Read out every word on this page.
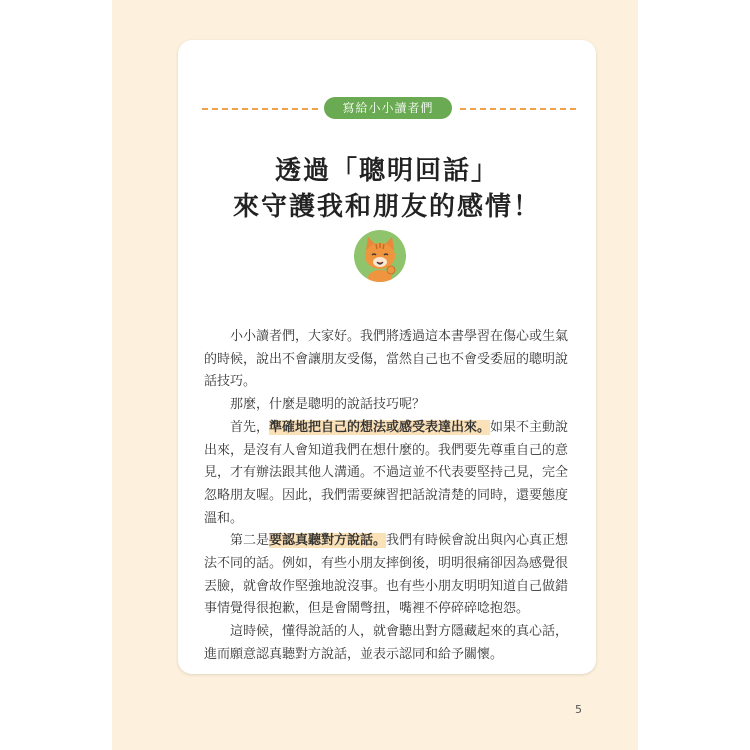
寫給小小讀者們
透過「聰明回話」
來守護我和朋友的感情！

小小讀者們，大家好。我們將透過這本書學習在傷心或生氣的時候，說出不會讓朋友受傷，當然自己也不會受委屈的聰明說話技巧。

那麼，什麼是聰明的說話技巧呢？

首先，準確地把自己的想法或感受表達出來。如果不主動說出來，是沒有人會知道我們在想什麼的。我們要先尊重自己的意見，才有辦法跟其他人溝通。不過這並不代表要堅持己見，完全忽略朋友喔。因此，我們需要練習把話說清楚的同時，還要態度溫和。

第二是要認真聽對方說話。我們有時候會說出與內心真正想法不同的話。例如，有些小朋友摔倒後，明明很痛卻因為感覺很丟臉，就會故作堅強地說沒事。也有些小朋友明明知道自己做錯事情覺得很抱歉，但是會鬧彆扭，嘴裡不停碎碎唸抱怨。

這時候，懂得說話的人，就會聽出對方隱藏起來的真心話，進而願意認真聽對方說話，並表示認同和給予關懷。

5
